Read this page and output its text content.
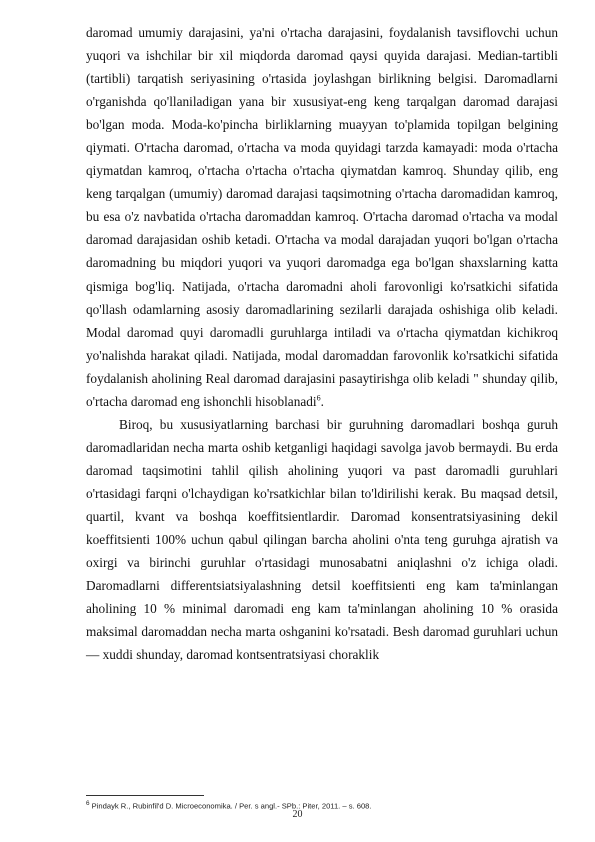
daromad umumiy darajasini, ya'ni o'rtacha darajasini, foydalanish tavsiflovchi uchun yuqori va ishchilar bir xil miqdorda daromad qaysi quyida darajasi. Median-tartibli (tartibli) tarqatish seriyasining o'rtasida joylashgan birlikning belgisi. Daromadlarni o'rganishda qo'llaniladigan yana bir xususiyat-eng keng tarqalgan daromad darajasi bo'lgan moda. Moda-ko'pincha birliklarning muayyan to'plamida topilgan belgining qiymati. O'rtacha daromad, o'rtacha va moda quyidagi tarzda kamayadi: moda o'rtacha qiymatdan kamroq, o'rtacha o'rtacha o'rtacha qiymatdan kamroq. Shunday qilib, eng keng tarqalgan (umumiy) daromad darajasi taqsimotning o'rtacha daromadidan kamroq, bu esa o'z navbatida o'rtacha daromaddan kamroq. O'rtacha daromad o'rtacha va modal daromad darajasidan oshib ketadi. O'rtacha va modal darajadan yuqori bo'lgan o'rtacha daromadning bu miqdori yuqori va yuqori daromadga ega bo'lgan shaxslarning katta qismiga bog'liq. Natijada, o'rtacha daromadni aholi farovonligi ko'rsatkichi sifatida qo'llash odamlarning asosiy daromadlarining sezilarli darajada oshishiga olib keladi. Modal daromad quyi daromadli guruhlarga intiladi va o'rtacha qiymatdan kichikroq yo'nalishda harakat qiladi. Natijada, modal daromaddan farovonlik ko'rsatkichi sifatida foydalanish aholining Real daromad darajasini pasaytirishga olib keladi " shunday qilib, o'rtacha daromad eng ishonchli hisoblanadi$^6$.

Biroq, bu xususiyatlarning barchasi bir guruhning daromadlari boshqa guruh daromadlaridan necha marta oshib ketganligi haqidagi savolga javob bermaydi. Bu erda daromad taqsimotini tahlil qilish aholining yuqori va past daromadli guruhlari o'rtasidagi farqni o'lchaydigan ko'rsatkichlar bilan to'ldirilishi kerak. Bu maqsad detsil, quartil, kvant va boshqa koeffitsientlardir. Daromad konsentratsiyasining dekil koeffitsienti 100% uchun qabul qilingan barcha aholini o'nta teng guruhga ajratish va oxirgi va birinchi guruhlar o'rtasidagi munosabatni aniqlashni o'z ichiga oladi. Daromadlarni differentsiatsiyalashning detsil koeffitsienti eng kam ta'minlangan aholining 10 % minimal daromadi eng kam ta'minlangan aholining 10 % orasida maksimal daromaddan necha marta oshganini ko'rsatadi. Besh daromad guruhlari uchun — xuddi shunday, daromad kontsentratsiyasi choraklik

$^6$ Pindayk R., Rubinfil'd D. Microeconomika. / Per. s angl.- SPb.: Piter, 2011. – s. 608.
20
